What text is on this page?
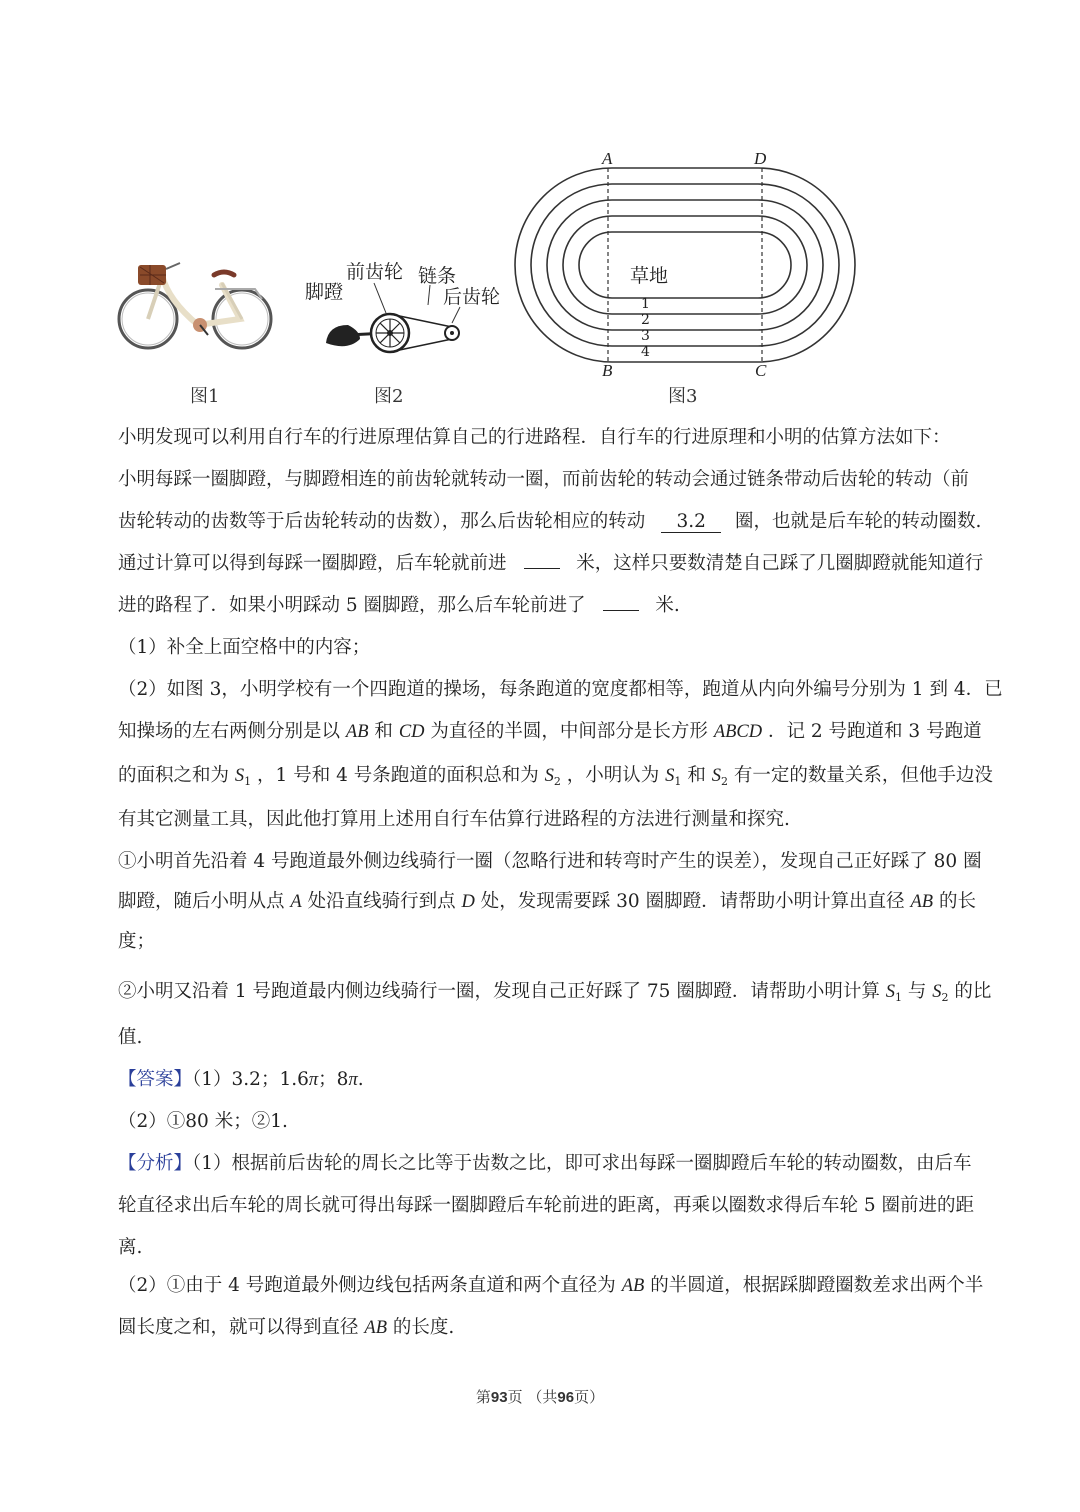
图1
脚蹬
前齿轮 链条
后齿轮
图2
A	D
B	C
草地
1
2
3
4
图3
小明发现可以利用自行车的行进原理估算自己的行进路程．自行车的行进原理和小明的估算方法如下：
小明每踩一圈脚蹬，与脚蹬相连的前齿轮就转动一圈，而前齿轮的转动会通过链条带动后齿轮的转动（前
齿轮转动的齿数等于后齿轮转动的齿数），那么后齿轮相应的转动 3.2 圈，也就是后车轮的转动圈数.
通过计算可以得到每踩一圈脚蹬，后车轮就前进	米，这样只要数清楚自己踩了几圈脚蹬就能知道行
进的路程了．如果小明踩动 5 圈脚蹬，那么后车轮前进了	米.
（1）补全上面空格中的内容；
（2）如图 3，小明学校有一个四跑道的操场，每条跑道的宽度都相等，跑道从内向外编号分别为 1 到 4．已
知操场的左右两侧分别是以 AB 和 CD 为直径的半圆，中间部分是长方形 ABCD ．记 2 号跑道和 3 号跑道
的面积之和为 $S_1$ ，1 号和 4 号条跑道的面积总和为 $S_2$ ，小明认为 $S_1$ 和 $S_2$ 有一定的数量关系，但他手边没
有其它测量工具，因此他打算用上述用自行车估算行进路程的方法进行测量和探究.
①小明首先沿着 4 号跑道最外侧边线骑行一圈（忽略行进和转弯时产生的误差），发现自己正好踩了 80 圈
脚蹬，随后小明从点 A 处沿直线骑行到点 D 处，发现需要踩 30 圈脚蹬．请帮助小明计算出直径 AB 的长
度；
②小明又沿着 1 号跑道最内侧边线骑行一圈，发现自己正好踩了 75 圈脚蹬．请帮助小明计算 $S_1$ 与 $S_2$ 的比
值.
【答案】（1）3.2；1.6π；8π.
（2）①80 米；②1.
【分析】（1）根据前后齿轮的周长之比等于齿数之比，即可求出每踩一圈脚蹬后车轮的转动圈数，由后车
轮直径求出后车轮的周长就可得出每踩一圈脚蹬后车轮前进的距离，再乘以圈数求得后车轮 5 圈前进的距
离.
（2）①由于 4 号跑道最外侧边线包括两条直道和两个直径为 AB 的半圆道，根据踩脚蹬圈数差求出两个半
圆长度之和，就可以得到直径 AB 的长度.
第93页 （共96页）
